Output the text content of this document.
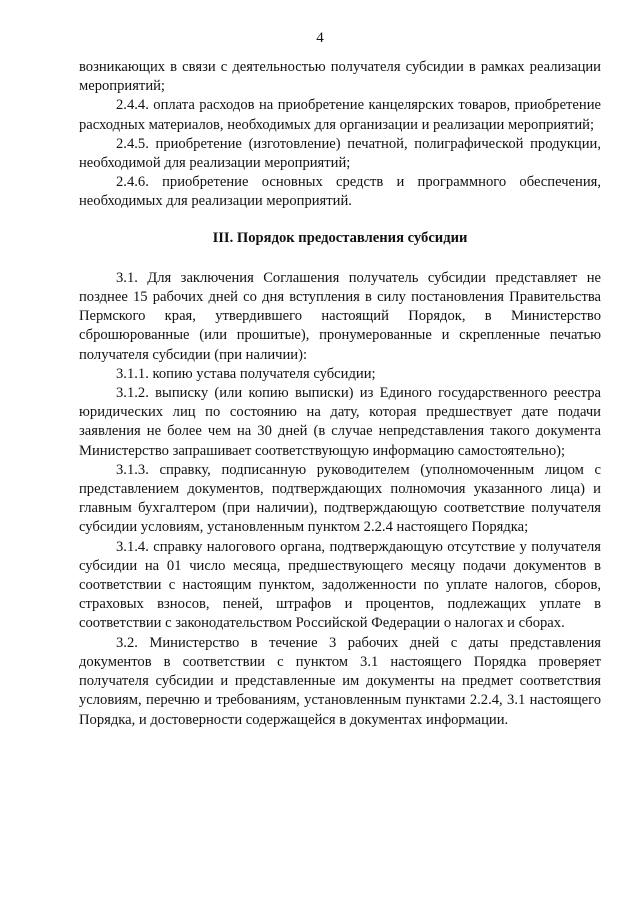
4

возникающих в связи с деятельностью получателя субсидии в рамках реализации мероприятий;

2.4.4. оплата расходов на приобретение канцелярских товаров, приобретение расходных материалов, необходимых для организации и реализации мероприятий;

2.4.5. приобретение (изготовление) печатной, полиграфической продукции, необходимой для реализации мероприятий;

2.4.6. приобретение основных средств и программного обеспечения, необходимых для реализации мероприятий.

III. Порядок предоставления субсидии

3.1. Для заключения Соглашения получатель субсидии представляет не позднее 15 рабочих дней со дня вступления в силу постановления Правительства Пермского края, утвердившего настоящий Порядок, в Министерство сброшюрованные (или прошитые), пронумерованные и скрепленные печатью получателя субсидии (при наличии):

3.1.1. копию устава получателя субсидии;

3.1.2. выписку (или копию выписки) из Единого государственного реестра юридических лиц по состоянию на дату, которая предшествует дате подачи заявления не более чем на 30 дней (в случае непредставления такого документа Министерство запрашивает соответствующую информацию самостоятельно);

3.1.3. справку, подписанную руководителем (уполномоченным лицом с представлением документов, подтверждающих полномочия указанного лица) и главным бухгалтером (при наличии), подтверждающую соответствие получателя субсидии условиям, установленным пунктом 2.2.4 настоящего Порядка;

3.1.4. справку налогового органа, подтверждающую отсутствие у получателя субсидии на 01 число месяца, предшествующего месяцу подачи документов в соответствии с настоящим пунктом, задолженности по уплате налогов, сборов, страховых взносов, пеней, штрафов и процентов, подлежащих уплате в соответствии с законодательством Российской Федерации о налогах и сборах.

3.2. Министерство в течение 3 рабочих дней с даты представления документов в соответствии с пунктом 3.1 настоящего Порядка проверяет получателя субсидии и представленные им документы на предмет соответствия условиям, перечню и требованиям, установленным пунктами 2.2.4, 3.1 настоящего Порядка, и достоверности содержащейся в документах информации.
